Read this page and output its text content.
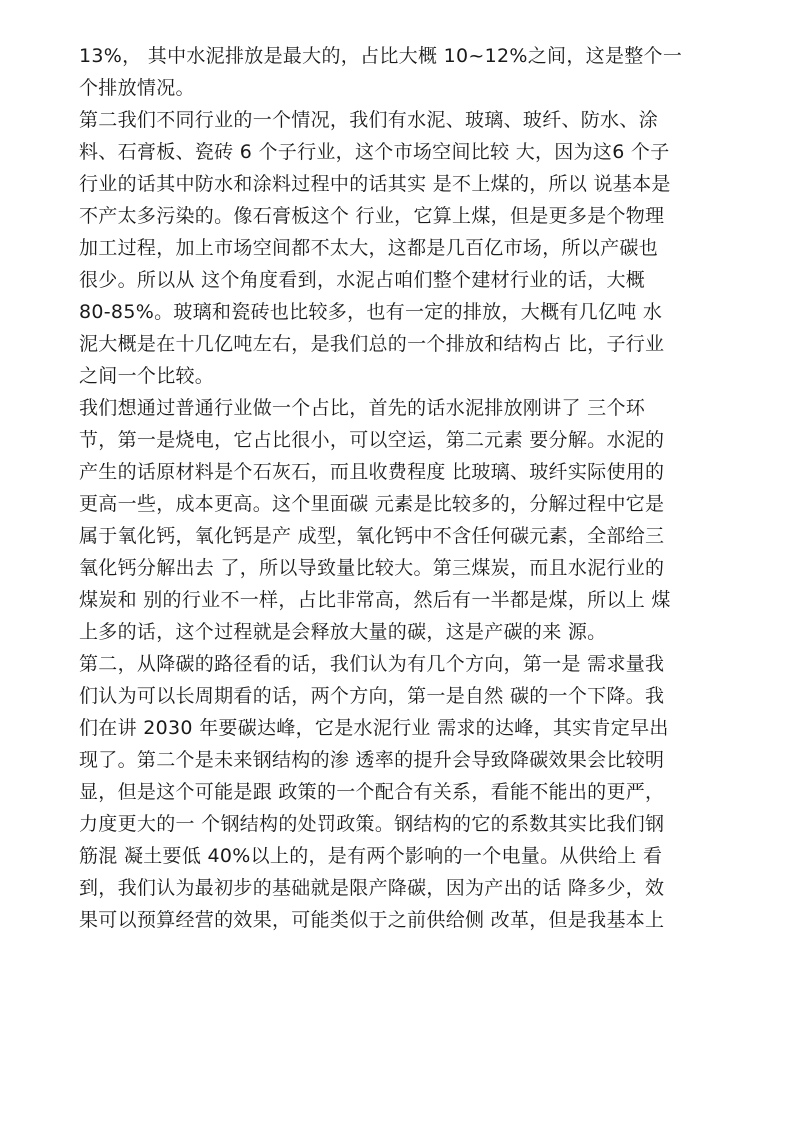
13%， 其中水泥排放是最大的，占比大概 10~12%之间，这是整个一
个排放情况。
第二我们不同行业的一个情况，我们有水泥、玻璃、玻纤、防水、涂
料、石膏板、瓷砖 6 个子行业，这个市场空间比较 大，因为这6 个子
行业的话其中防水和涂料过程中的话其实 是不上煤的，所以 说基本是
不产太多污染的。像石膏板这个 行业，它算上煤，但是更多是个物理
加工过程，加上市场空间都不太大，这都是几百亿市场，所以产碳也
很少。所以从 这个角度看到，水泥占咱们整个建材行业的话，大概
80-85%。玻璃和瓷砖也比较多，也有一定的排放，大概有几亿吨 水
泥大概是在十几亿吨左右，是我们总的一个排放和结构占 比，子行业
之间一个比较。
我们想通过普通行业做一个占比，首先的话水泥排放刚讲了 三个环
节，第一是烧电，它占比很小，可以空运，第二元素 要分解。水泥的
产生的话原材料是个石灰石，而且收费程度 比玻璃、玻纤实际使用的
更高一些，成本更高。这个里面碳 元素是比较多的，分解过程中它是
属于氧化钙，氧化钙是产 成型，氧化钙中不含任何碳元素，全部给三
氧化钙分解出去 了，所以导致量比较大。第三煤炭，而且水泥行业的
煤炭和 别的行业不一样，占比非常高，然后有一半都是煤，所以上 煤
上多的话，这个过程就是会释放大量的碳，这是产碳的来 源。
第二，从降碳的路径看的话，我们认为有几个方向，第一是 需求量我
们认为可以长周期看的话，两个方向，第一是自然 碳的一个下降。我
们在讲 2030 年要碳达峰，它是水泥行业 需求的达峰，其实肯定早出
现了。第二个是未来钢结构的渗 透率的提升会导致降碳效果会比较明
显，但是这个可能是跟 政策的一个配合有关系，看能不能出的更严，
力度更大的一 个钢结构的处罚政策。钢结构的它的系数其实比我们钢
筋混 凝土要低 40%以上的，是有两个影响的一个电量。从供给上 看
到，我们认为最初步的基础就是限产降碳，因为产出的话 降多少，效
果可以预算经营的效果，可能类似于之前供给侧 改革，但是我基本上
